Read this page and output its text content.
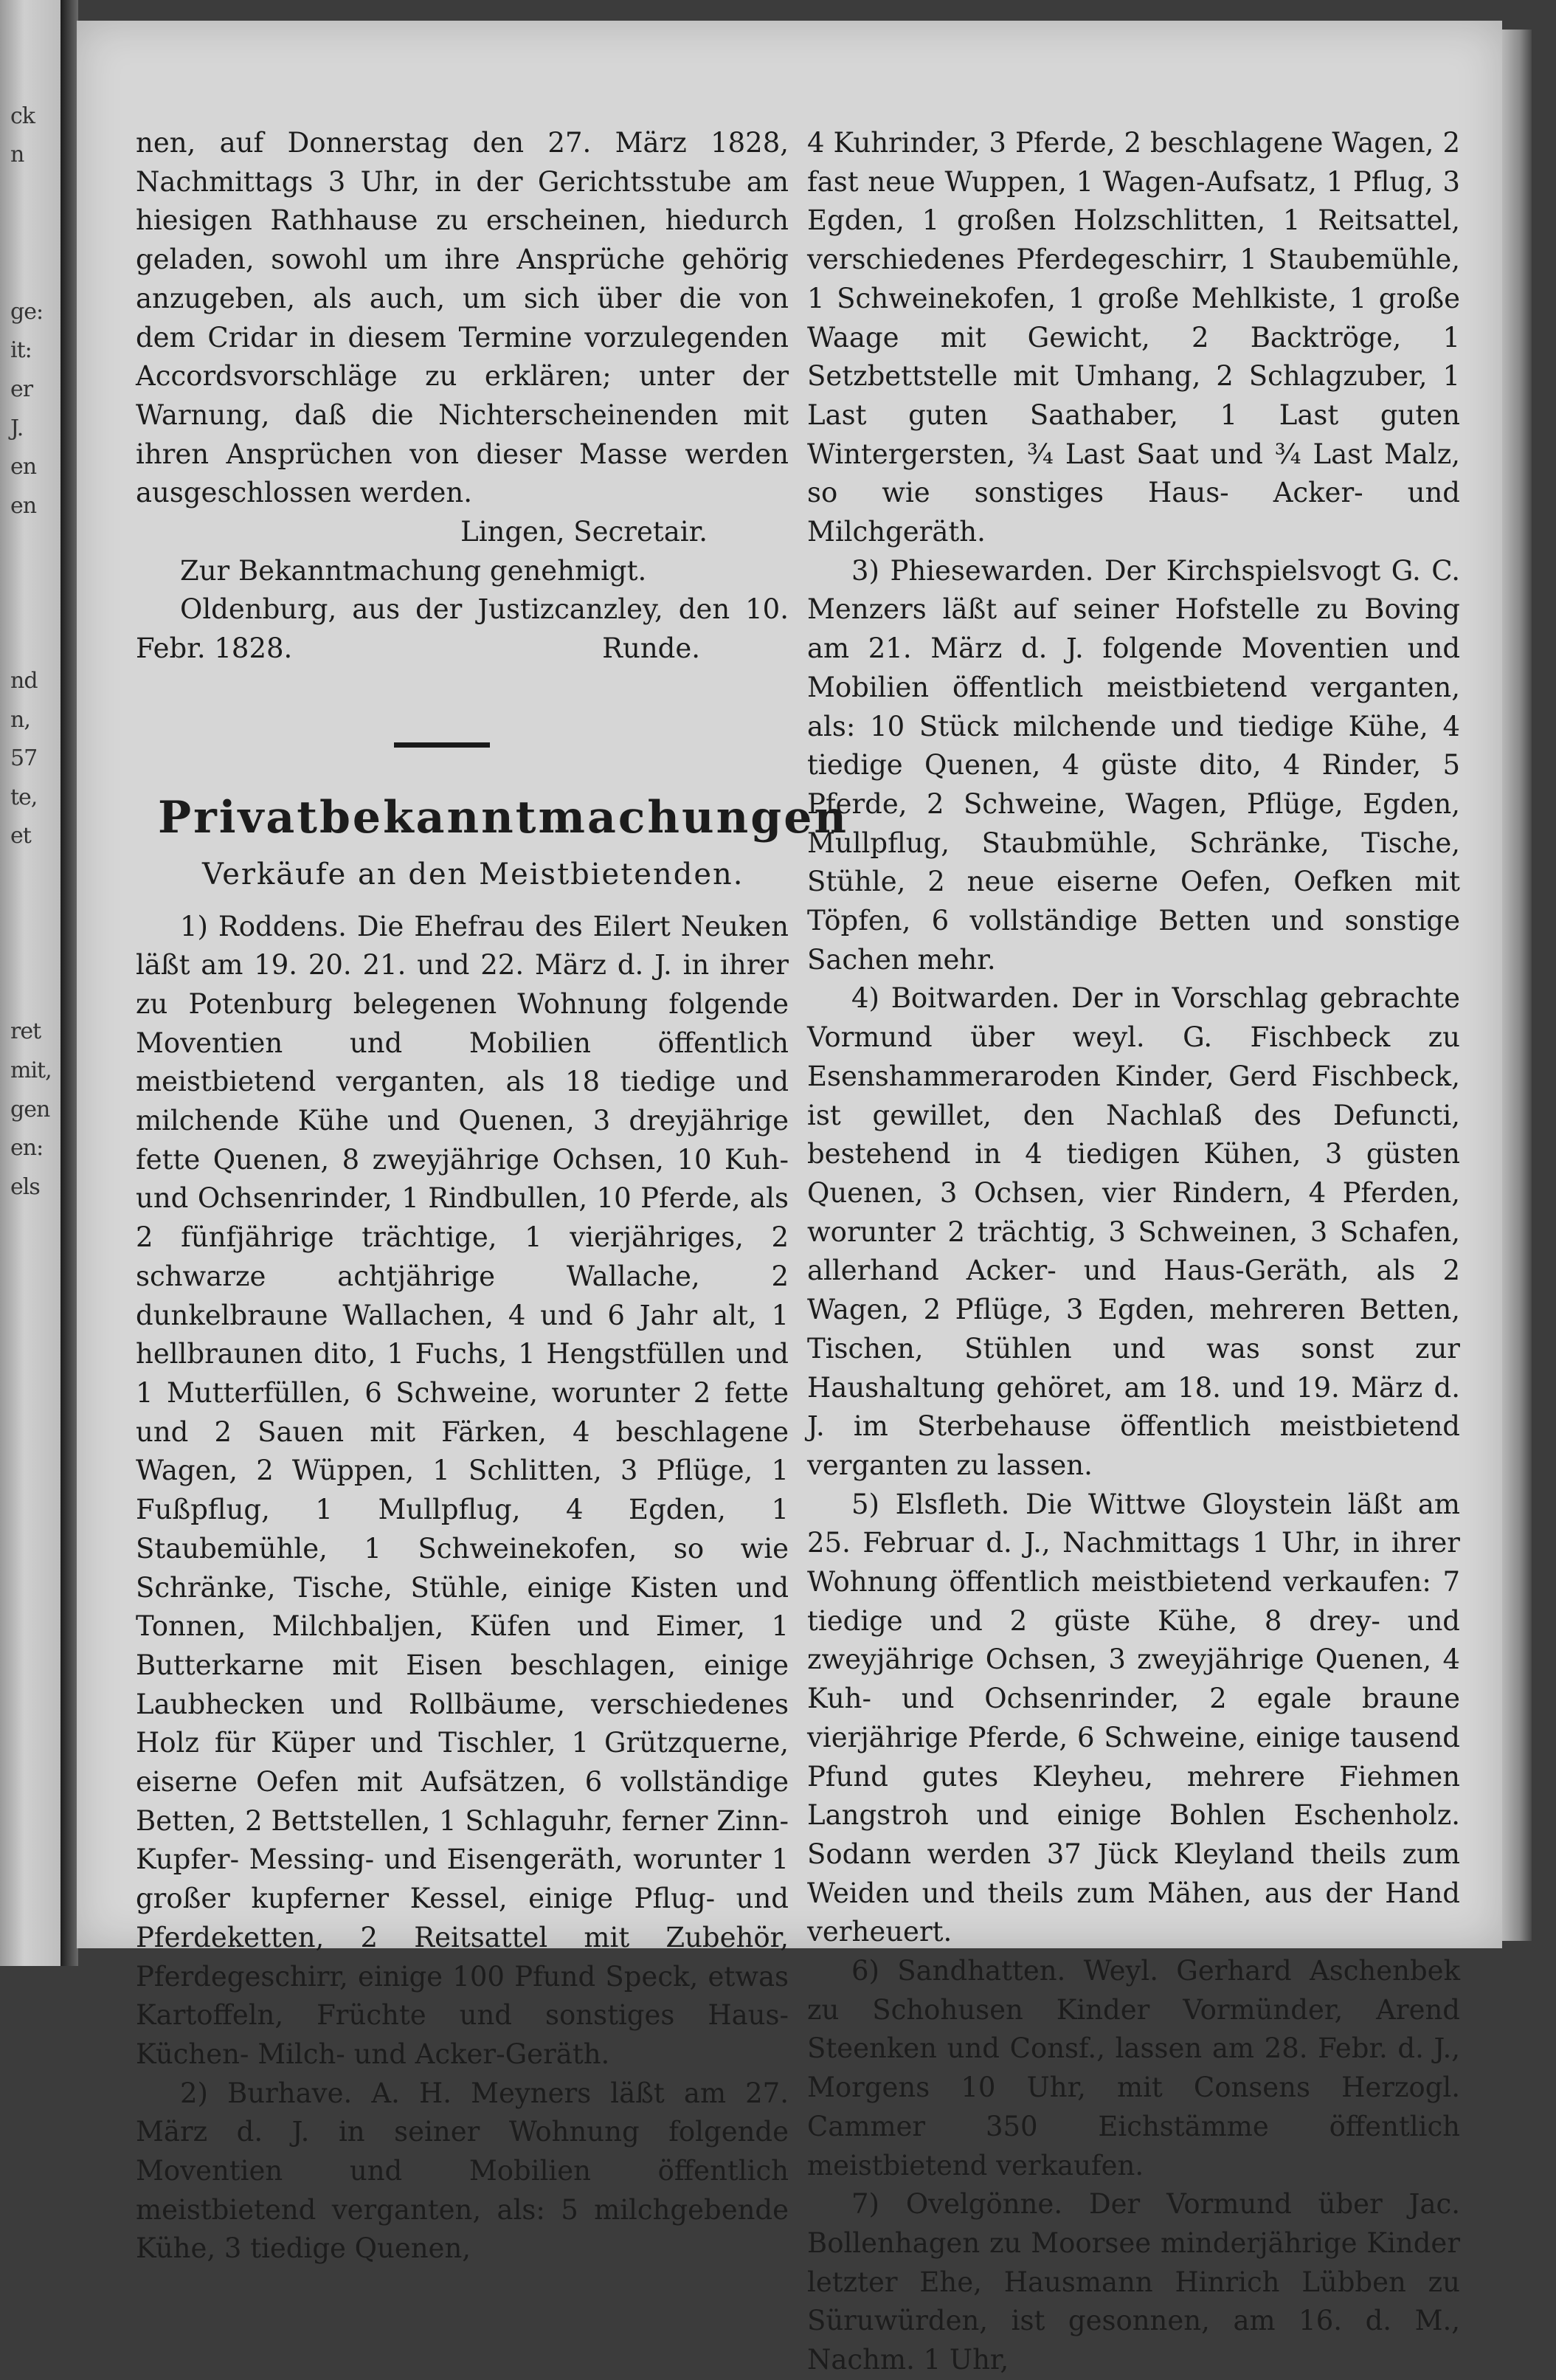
ck
n
ge:
it:
er
J.
en
en
nd
n,
57
te,
et
ret
mit,
gen
en:
els

nen, auf Donnerstag den 27. März 1828, Nachmittags 3 Uhr, in der Gerichtsstube am hiesigen Rathhause zu erscheinen, hiedurch geladen, sowohl um ihre Ansprüche gehörig anzugeben, als auch, um sich über die von dem Cridar in diesem Termine vorzulegenden Accordsvorschläge zu erklären; unter der Warnung, daß die Nichterscheinenden mit ihren Ansprüchen von dieser Masse werden ausgeschlossen werden.

Lingen, Secretair.

Zur Bekanntmachung genehmigt.

Oldenburg, aus der Justizcanzley, den 10. Febr. 1828.	Runde.

Privatbekanntmachungen

Verkäufe an den Meistbietenden.

1) Roddens. Die Ehefrau des Eilert Neuken läßt am 19. 20. 21. und 22. März d. J. in ihrer zu Potenburg belegenen Wohnung folgende Moventien und Mobilien öffentlich meistbietend verganten, als 18 tiedige und milchende Kühe und Quenen, 3 dreyjährige fette Quenen, 8 zweyjährige Ochsen, 10 Kuh- und Ochsenrinder, 1 Rindbullen, 10 Pferde, als 2 fünfjährige trächtige, 1 vierjähriges, 2 schwarze achtjährige Wallache, 2 dunkelbraune Wallachen, 4 und 6 Jahr alt, 1 hellbraunen dito, 1 Fuchs, 1 Hengstfüllen und 1 Mutterfüllen, 6 Schweine, worunter 2 fette und 2 Sauen mit Färken, 4 beschlagene Wagen, 2 Wüppen, 1 Schlitten, 3 Pflüge, 1 Fußpflug, 1 Mullpflug, 4 Egden, 1 Staubemühle, 1 Schweinekofen, so wie Schränke, Tische, Stühle, einige Kisten und Tonnen, Milchbaljen, Küfen und Eimer, 1 Butterkarne mit Eisen beschlagen, einige Laubhecken und Rollbäume, verschiedenes Holz für Küper und Tischler, 1 Grützquerne, eiserne Oefen mit Aufsätzen, 6 vollständige Betten, 2 Bettstellen, 1 Schlaguhr, ferner Zinn- Kupfer- Messing- und Eisengeräth, worunter 1 großer kupferner Kessel, einige Pflug- und Pferdeketten, 2 Reitsattel mit Zubehör, Pferdegeschirr, einige 100 Pfund Speck, etwas Kartoffeln, Früchte und sonstiges Haus- Küchen- Milch- und Acker-Geräth.

2) Burhave. A. H. Meyners läßt am 27. März d. J. in seiner Wohnung folgende Moventien und Mobilien öffentlich meistbietend verganten, als: 5 milchgebende Kühe, 3 tiedige Quenen,

4 Kuhrinder, 3 Pferde, 2 beschlagene Wagen, 2 fast neue Wuppen, 1 Wagen-Aufsatz, 1 Pflug, 3 Egden, 1 großen Holzschlitten, 1 Reitsattel, verschiedenes Pferdegeschirr, 1 Staubemühle, 1 Schweinekofen, 1 große Mehlkiste, 1 große Waage mit Gewicht, 2 Backtröge, 1 Setzbettstelle mit Umhang, 2 Schlagzuber, 1 Last guten Saathaber, 1 Last guten Wintergersten, ¾ Last Saat und ¾ Last Malz, so wie sonstiges Haus- Acker- und Milchgeräth.

3) Phiesewarden. Der Kirchspielsvogt G. C. Menzers läßt auf seiner Hofstelle zu Boving am 21. März d. J. folgende Moventien und Mobilien öffentlich meistbietend verganten, als: 10 Stück milchende und tiedige Kühe, 4 tiedige Quenen, 4 güste dito, 4 Rinder, 5 Pferde, 2 Schweine, Wagen, Pflüge, Egden, Mullpflug, Staubmühle, Schränke, Tische, Stühle, 2 neue eiserne Oefen, Oefken mit Töpfen, 6 vollständige Betten und sonstige Sachen mehr.

4) Boitwarden. Der in Vorschlag gebrachte Vormund über weyl. G. Fischbeck zu Esenshammeraroden Kinder, Gerd Fischbeck, ist gewillet, den Nachlaß des Defuncti, bestehend in 4 tiedigen Kühen, 3 güsten Quenen, 3 Ochsen, vier Rindern, 4 Pferden, worunter 2 trächtig, 3 Schweinen, 3 Schafen, allerhand Acker- und Haus-Geräth, als 2 Wagen, 2 Pflüge, 3 Egden, mehreren Betten, Tischen, Stühlen und was sonst zur Haushaltung gehöret, am 18. und 19. März d. J. im Sterbehause öffentlich meistbietend verganten zu lassen.

5) Elsfleth. Die Wittwe Gloystein läßt am 25. Februar d. J., Nachmittags 1 Uhr, in ihrer Wohnung öffentlich meistbietend verkaufen: 7 tiedige und 2 güste Kühe, 8 drey- und zweyjährige Ochsen, 3 zweyjährige Quenen, 4 Kuh- und Ochsenrinder, 2 egale braune vierjährige Pferde, 6 Schweine, einige tausend Pfund gutes Kleyheu, mehrere Fiehmen Langstroh und einige Bohlen Eschenholz. Sodann werden 37 Jück Kleyland theils zum Weiden und theils zum Mähen, aus der Hand verheuert.

6) Sandhatten. Weyl. Gerhard Aschenbek zu Schohusen Kinder Vormünder, Arend Steenken und Consf., lassen am 28. Febr. d. J., Morgens 10 Uhr, mit Consens Herzogl. Cammer 350 Eichstämme öffentlich meistbietend verkaufen.

7) Ovelgönne. Der Vormund über Jac. Bollenhagen zu Moorsee minderjährige Kinder letzter Ehe, Hausmann Hinrich Lübben zu Süruwürden, ist gesonnen, am 16. d. M., Nachm. 1 Uhr,
